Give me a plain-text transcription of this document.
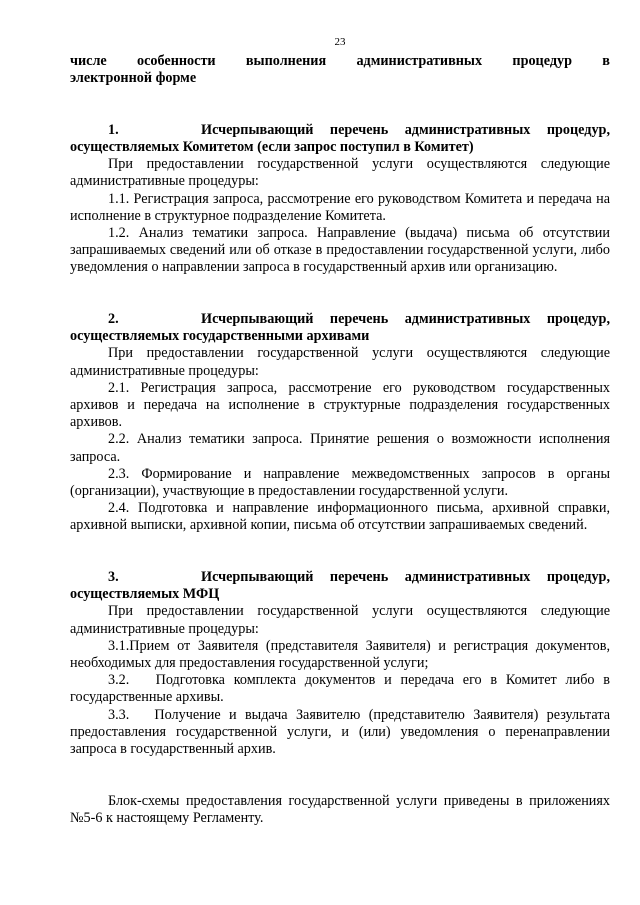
23
числе особенности выполнения административных процедур в

электронной форме

1.     Исчерпывающий перечень административных процедур, осуществляемых Комитетом (если запрос поступил в Комитет)

При предоставлении государственной услуги осуществляются следующие административные процедуры:

1.1. Регистрация запроса, рассмотрение его руководством Комитета и передача на исполнение в структурное подразделение Комитета.

1.2. Анализ тематики запроса. Направление (выдача) письма об отсутствии запрашиваемых сведений или об отказе в предоставлении государственной услуги, либо уведомления о направлении запроса в государственный архив или организацию.

2.     Исчерпывающий перечень административных процедур, осуществляемых государственными архивами

При предоставлении государственной услуги осуществляются следующие административные процедуры:

2.1. Регистрация запроса, рассмотрение его руководством государственных архивов и передача на исполнение в структурные подразделения государственных архивов.

2.2. Анализ тематики запроса. Принятие решения о возможности исполнения запроса.

2.3. Формирование и направление межведомственных запросов в органы (организации), участвующие в предоставлении государственной услуги.

2.4. Подготовка и направление информационного письма, архивной справки, архивной выписки, архивной копии, письма об отсутствии запрашиваемых сведений.

3.     Исчерпывающий перечень административных процедур, осуществляемых МФЦ

При предоставлении государственной услуги осуществляются следующие административные процедуры:

3.1.Прием от Заявителя (представителя Заявителя) и регистрация документов, необходимых для предоставления государственной услуги;

3.2.   Подготовка комплекта документов и передача его в Комитет либо в государственные архивы.

3.3.   Получение и выдача Заявителю (представителю Заявителя) результата предоставления государственной услуги, и (или) уведомления о перенаправлении запроса в государственный архив.

Блок-схемы предоставления государственной услуги приведены в приложениях №5-6 к настоящему Регламенту.
